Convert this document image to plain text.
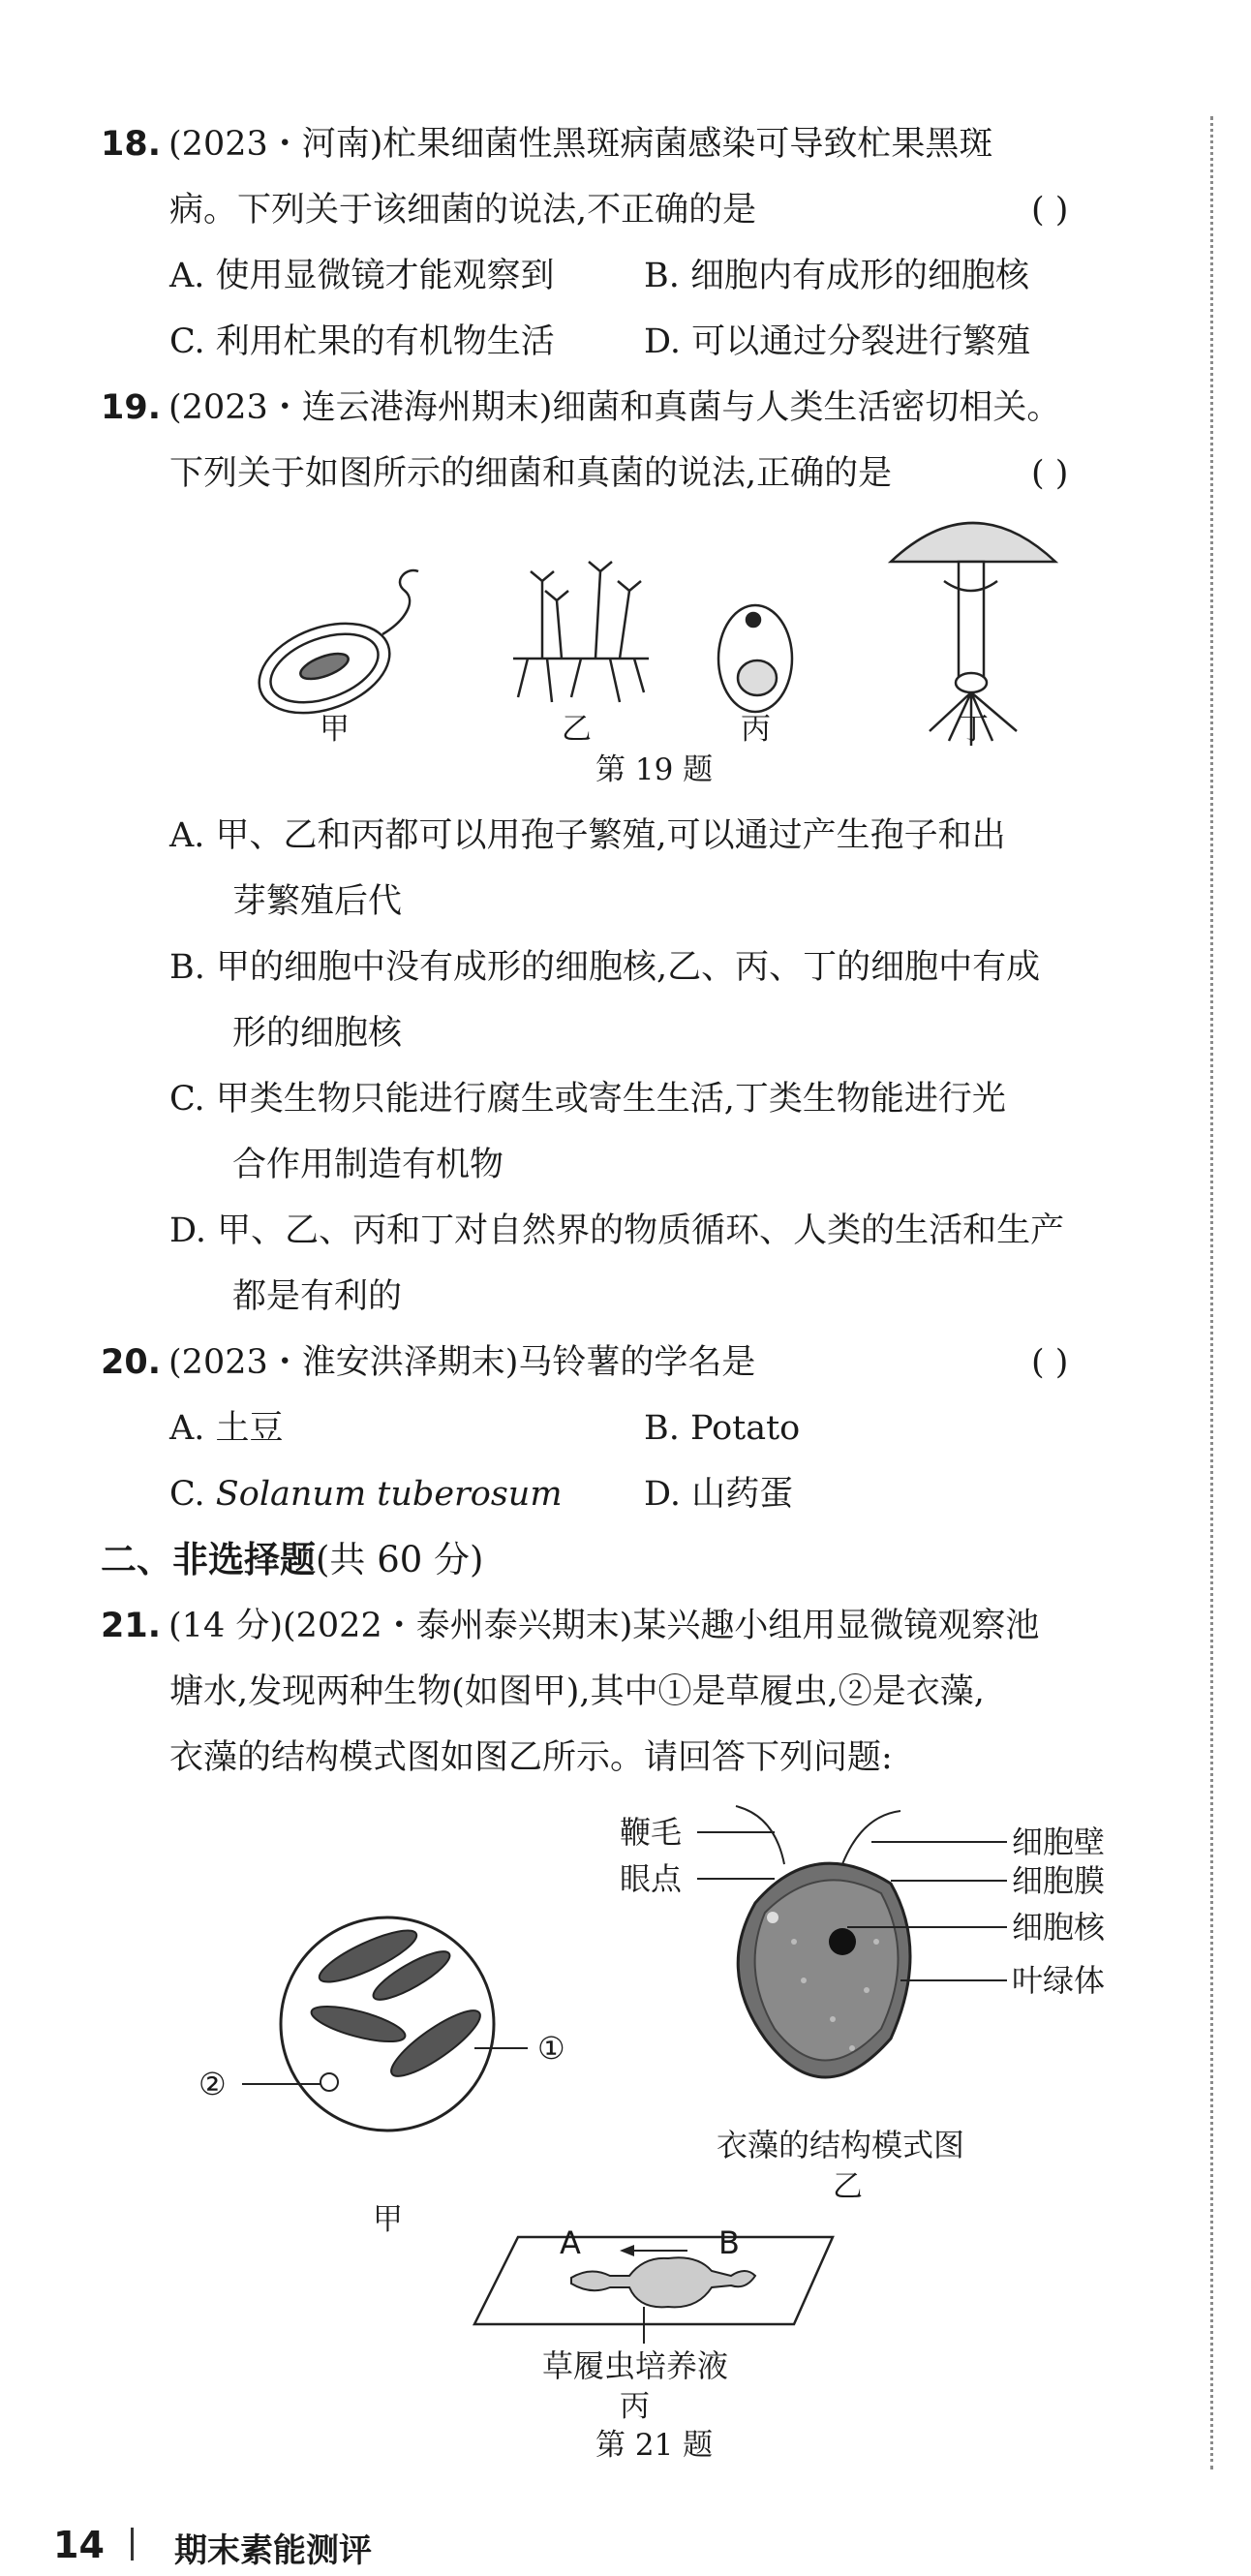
18. (2023・河南)杧果细菌性黑斑病菌感染可导致杧果黑斑
病。下列关于该细菌的说法,不正确的是	( )
A. 使用显微镜才能观察到	B. 细胞内有成形的细胞核
C. 利用杧果的有机物生活	D. 可以通过分裂进行繁殖
19. (2023・连云港海州期末)细菌和真菌与人类生活密切相关。
下列关于如图所示的细菌和真菌的说法,正确的是	( )
甲	乙	丙	丁
第 19 题
A. 甲、乙和丙都可以用孢子繁殖,可以通过产生孢子和出
芽繁殖后代
B. 甲的细胞中没有成形的细胞核,乙、丙、丁的细胞中有成
形的细胞核
C. 甲类生物只能进行腐生或寄生生活,丁类生物能进行光
合作用制造有机物
D. 甲、乙、丙和丁对自然界的物质循环、人类的生活和生产
都是有利的
20. (2023・淮安洪泽期末)马铃薯的学名是	( )
A. 土豆	B. Potato
C. Solanum tuberosum D. 山药蛋
二、非选择题(共 60 分)
21. (14 分)(2022・泰州泰兴期末)某兴趣小组用显微镜观察池
塘水,发现两种生物(如图甲),其中①是草履虫,②是衣藻,
衣藻的结构模式图如图乙所示。请回答下列问题:
①
②
甲
鞭毛
眼点
细胞壁
细胞膜
细胞核
叶绿体
衣藻的结构模式图
乙
A	B
草履虫培养液
丙
第 21 题
14 期末素能测评
